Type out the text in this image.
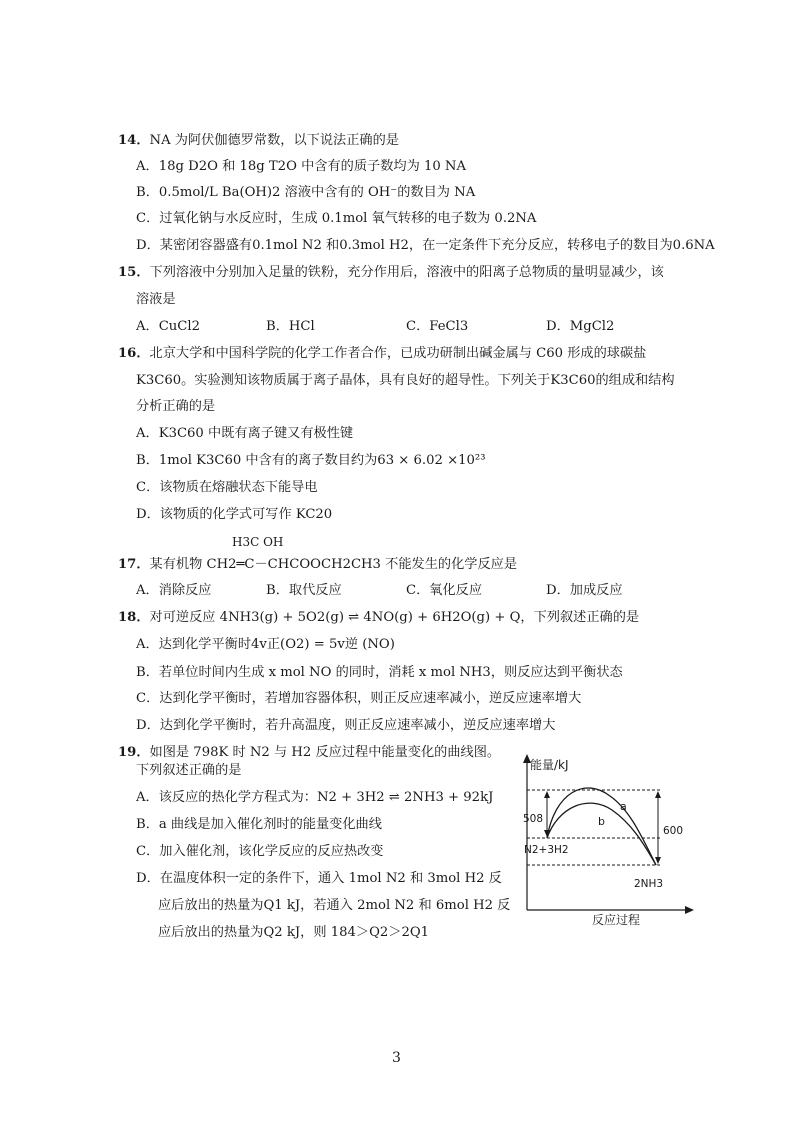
14．NA 为阿伏伽德罗常数，以下说法正确的是
A．18g D2O 和 18g T2O 中含有的质子数均为 10 NA
B．0.5mol/L Ba(OH)2 溶液中含有的 OH⁻的数目为 NA
C．过氧化钠与水反应时，生成 0.1mol 氧气转移的电子数为 0.2NA
D．某密闭容器盛有0.1mol N2 和0.3mol H2，在一定条件下充分反应，转移电子的数目为0.6NA
15．下列溶液中分别加入足量的铁粉，充分作用后，溶液中的阳离子总物质的量明显减少，该
溶液是
A．CuCl2	B．HCl	C．FeCl3	D．MgCl2
16．北京大学和中国科学院的化学工作者合作，已成功研制出碱金属与 C60 形成的球碳盐
K3C60。实验测知该物质属于离子晶体，具有良好的超导性。下列关于K3C60的组成和结构
分析正确的是
A．K3C60 中既有离子键又有极性键
B．1mol K3C60 中含有的离子数目约为63 × 6.02 ×10²³
C．该物质在熔融状态下能导电
D．该物质的化学式可写作 KC20
H3C OH
17．某有机物 CH2═C－CHCOOCH2CH3 不能发生的化学反应是
A．消除反应	B．取代反应	C．氧化反应	D．加成反应
18．对可逆反应 4NH3(g) + 5O2(g) ⇌ 4NO(g) + 6H2O(g) + Q，下列叙述正确的是
A．达到化学平衡时4v正(O2) = 5v逆 (NO)
B．若单位时间内生成 x mol NO 的同时，消耗 x mol NH3，则反应达到平衡状态
C．达到化学平衡时，若增加容器体积，则正反应速率减小，逆反应速率增大
D．达到化学平衡时，若升高温度，则正反应速率减小，逆反应速率增大
19．如图是 798K 时 N2 与 H2 反应过程中能量变化的曲线图。
下列叙述正确的是
A．该反应的热化学方程式为：N2 + 3H2 ⇌ 2NH3 + 92kJ
B．a 曲线是加入催化剂时的能量变化曲线
C．加入催化剂，该化学反应的反应热改变
D．在温度体积一定的条件下，通入 1mol N2 和 3mol H2 反
应后放出的热量为Q1 kJ，若通入 2mol N2 和 6mol H2 反
应后放出的热量为Q2 kJ，则 184＞Q2＞2Q1
能量/kJ
反应过程
a
b
508
600
N2+3H2
2NH3
3
